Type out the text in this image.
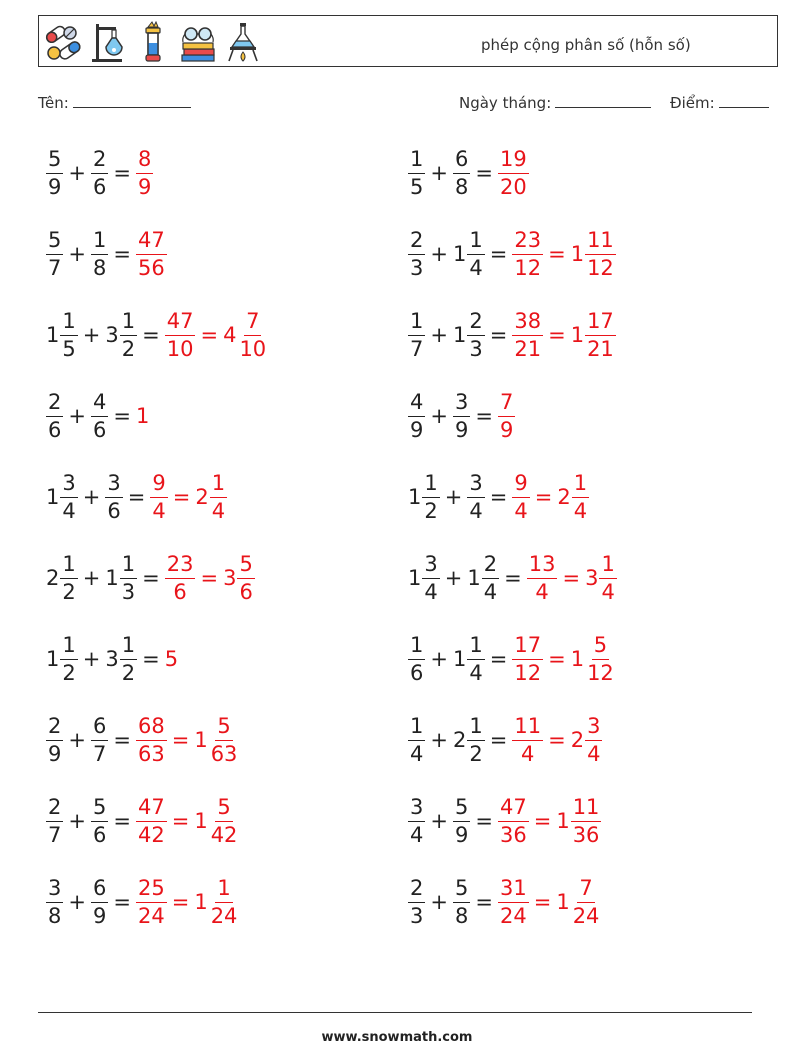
phép cộng phân số (hỗn số)
Tên:	Ngày tháng:	Điểm:
$\frac{5}{9} + \frac{2}{6} = \frac{8}{9}$	$\frac{1}{5} + \frac{6}{8} = \frac{19}{20}$
$\frac{5}{7} + \frac{1}{8} = \frac{47}{56}$	$\frac{2}{3} + 1 \frac{1}{4} = \frac{23}{12} = 1 \frac{11}{12}$
$1 \frac{1}{5} + 3 \frac{1}{2} = \frac{47}{10} = 4 \frac{7}{10}$	$\frac{1}{7} + 1 \frac{2}{3} = \frac{38}{21} = 1 \frac{17}{21}$
$\frac{2}{6} + \frac{4}{6} = 1$	$\frac{4}{9} + \frac{3}{9} = \frac{7}{9}$
$1 \frac{3}{4} + \frac{3}{6} = \frac{9}{4} = 2 \frac{1}{4}$	$1 \frac{1}{2} + \frac{3}{4} = \frac{9}{4} = 2 \frac{1}{4}$
$2 \frac{1}{2} + 1 \frac{1}{3} = \frac{23}{6} = 3 \frac{5}{6}$	$1 \frac{3}{4} + 1 \frac{2}{4} = \frac{13}{4} = 3 \frac{1}{4}$
$1 \frac{1}{2} + 3 \frac{1}{2} = 5$	$\frac{1}{6} + 1 \frac{1}{4} = \frac{17}{12} = 1 \frac{5}{12}$
$\frac{2}{9} + \frac{6}{7} = \frac{68}{63} = 1 \frac{5}{63}$	$\frac{1}{4} + 2 \frac{1}{2} = \frac{11}{4} = 2 \frac{3}{4}$
$\frac{2}{7} + \frac{5}{6} = \frac{47}{42} = 1 \frac{5}{42}$	$\frac{3}{4} + \frac{5}{9} = \frac{47}{36} = 1 \frac{11}{36}$
$\frac{3}{8} + \frac{6}{9} = \frac{25}{24} = 1 \frac{1}{24}$	$\frac{2}{3} + \frac{5}{8} = \frac{31}{24} = 1 \frac{7}{24}$
www.snowmath.com
